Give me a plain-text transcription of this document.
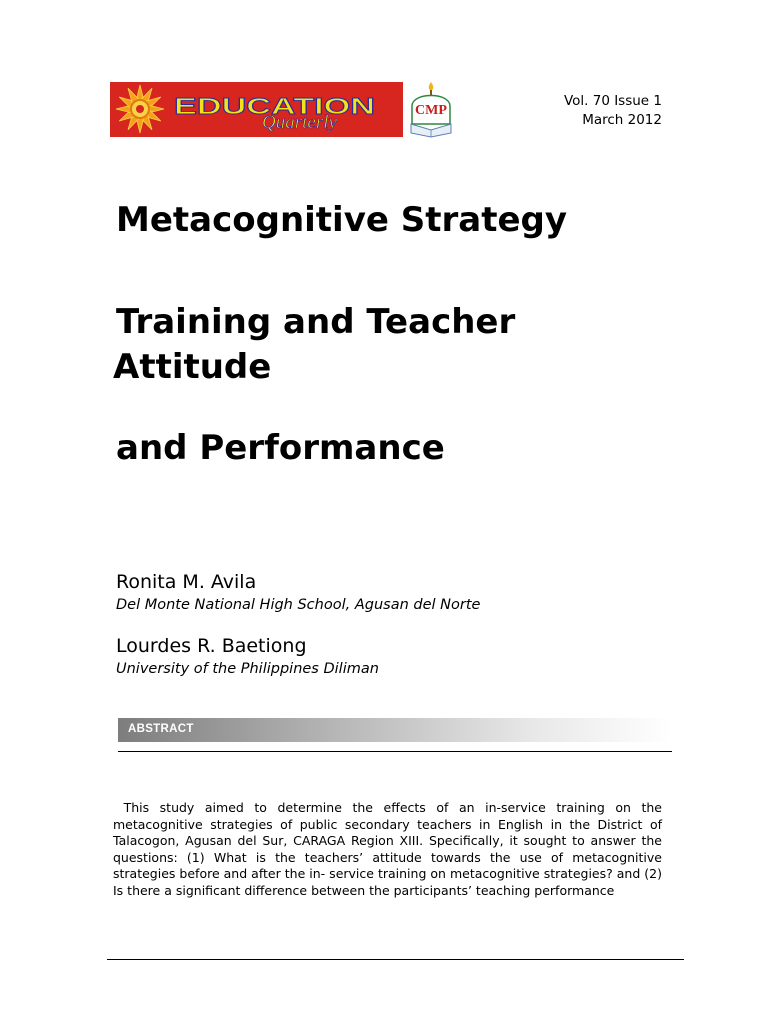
EDUCATION
Quarterly
CMP
Vol. 70 Issue 1
March 2012
Metacognitive Strategy
Training and Teacher
Attitude
and Performance
Ronita M. Avila
Del Monte National High School, Agusan del Norte
Lourdes R. Baetiong
University of the Philippines Diliman
ABSTRACT
This study aimed to determine the effects of an in-service training on the metacognitive strategies of public secondary teachers in English in the District of Talacogon, Agusan del Sur, CARAGA Region XIII. Specifically, it sought to answer the questions: (1) What is the teachers’ attitude towards the use of metacognitive strategies before and after the in- service training on metacognitive strategies? and (2) Is there a significant difference between the participants’ teaching performance
